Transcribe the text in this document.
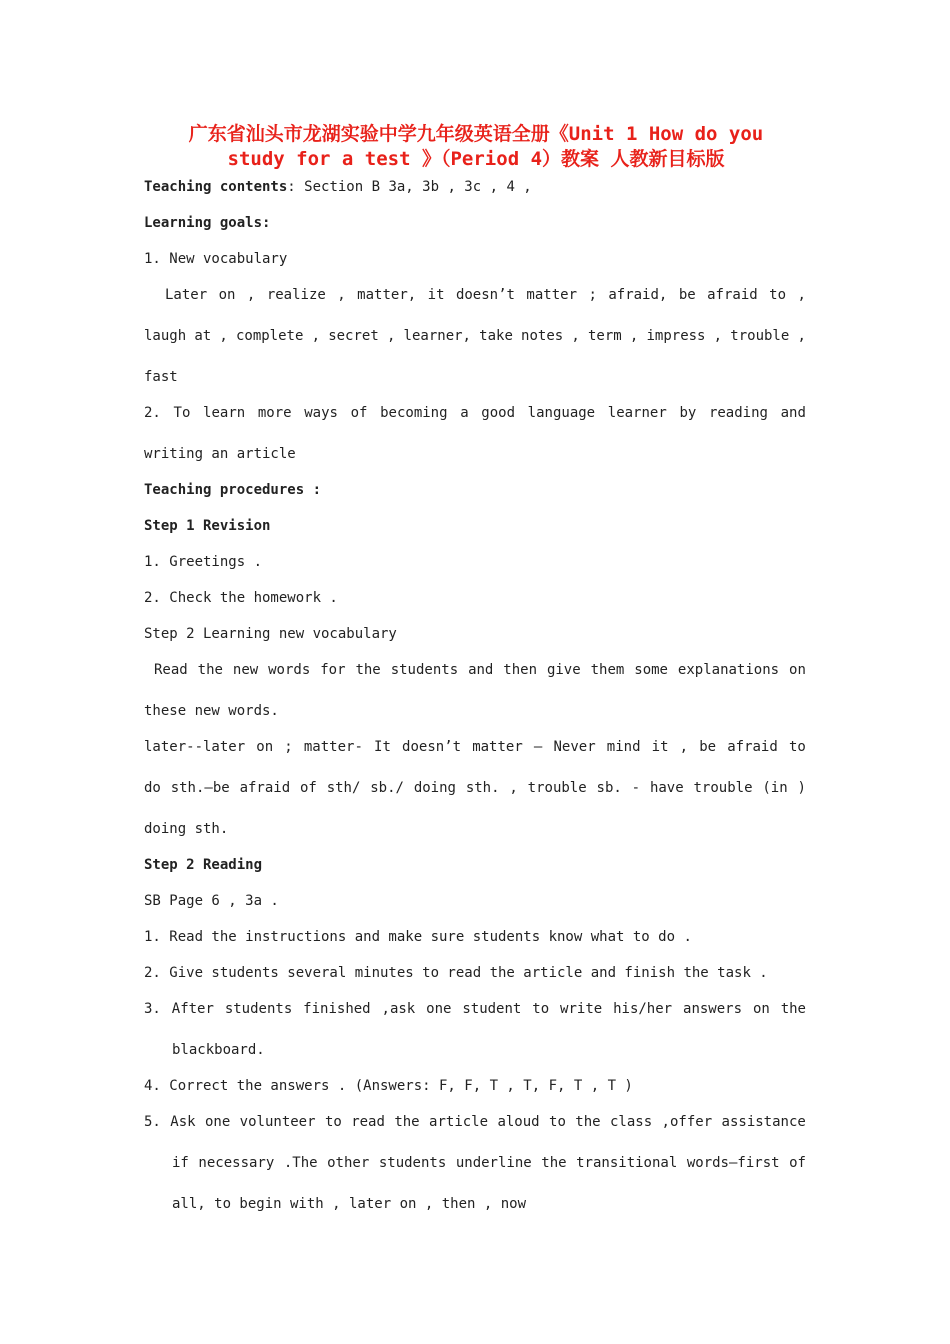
广东省汕头市龙湖实验中学九年级英语全册《Unit 1 How do you
study for a test 》（Period 4）教案 人教新目标版
Teaching contents: Section B 3a, 3b , 3c , 4 ,
Learning goals:
1. New vocabulary
Later on , realize , matter, it doesn’t matter ; afraid, be afraid to ,
laugh at , complete , secret , learner, take notes , term , impress , trouble ,
fast
2. To learn more ways of becoming a good language learner by reading and
writing an article
Teaching procedures :
Step 1 Revision
1. Greetings .
2. Check the homework .
Step 2 Learning new vocabulary
Read the new words for the students and then give them some explanations on
these new words.
later--later on ; matter- It doesn’t matter – Never mind it , be afraid to
do sth.—be afraid of sth/ sb./ doing sth. , trouble sb. - have trouble (in )
doing sth.
Step 2 Reading
SB Page 6 , 3a .
1. Read the instructions and make sure students know what to do .
2. Give students several minutes to read the article and finish the task .
3. After students finished ,ask one student to write his/her answers on the
blackboard.
4. Correct the answers . (Answers: F, F, T , T, F, T , T )
5. Ask one volunteer to read the article aloud to the class ,offer assistance
if necessary .The other students underline the transitional words—first of
all, to begin with , later on , then , now
